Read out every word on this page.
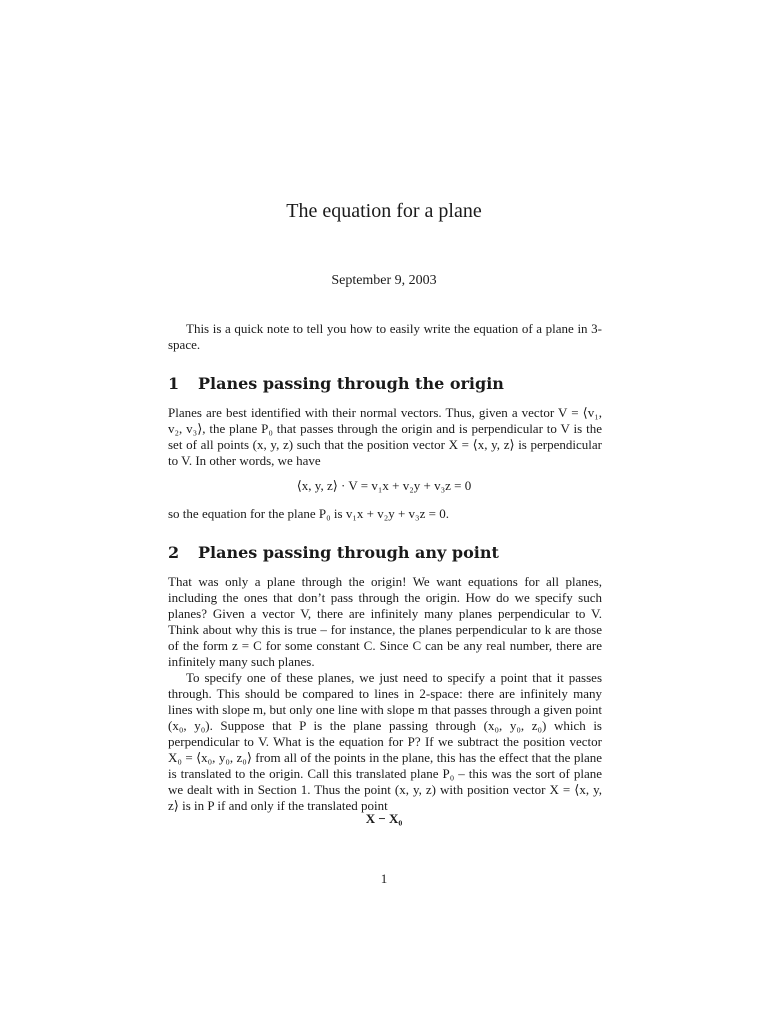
The equation for a plane
September 9, 2003

This is a quick note to tell you how to easily write the equation of a plane in 3-space.

1 Planes passing through the origin

Planes are best identified with their normal vectors. Thus, given a vector V = ⟨v₁, v₂, v₃⟩, the plane P₀ that passes through the origin and is perpendicular to V is the set of all points (x, y, z) such that the position vector X = ⟨x, y, z⟩ is perpendicular to V. In other words, we have

⟨x, y, z⟩ · V = v₁x + v₂y + v₃z = 0

so the equation for the plane P₀ is v₁x + v₂y + v₃z = 0.

2 Planes passing through any point

That was only a plane through the origin! We want equations for all planes, including the ones that don’t pass through the origin. How do we specify such planes? Given a vector V, there are infinitely many planes perpendicular to V. Think about why this is true – for instance, the planes perpendicular to k are those of the form z = C for some constant C. Since C can be any real number, there are infinitely many such planes.

To specify one of these planes, we just need to specify a point that it passes through. This should be compared to lines in 2-space: there are infinitely many lines with slope m, but only one line with slope m that passes through a given point (x₀, y₀). Suppose that P is the plane passing through (x₀, y₀, z₀) which is perpendicular to V. What is the equation for P? If we subtract the position vector X₀ = ⟨x₀, y₀, z₀⟩ from all of the points in the plane, this has the effect that the plane is translated to the origin. Call this translated plane P₀ – this was the sort of plane we dealt with in Section 1. Thus the point (x, y, z) with position vector X = ⟨x, y, z⟩ is in P if and only if the translated point

X − X₀
1
